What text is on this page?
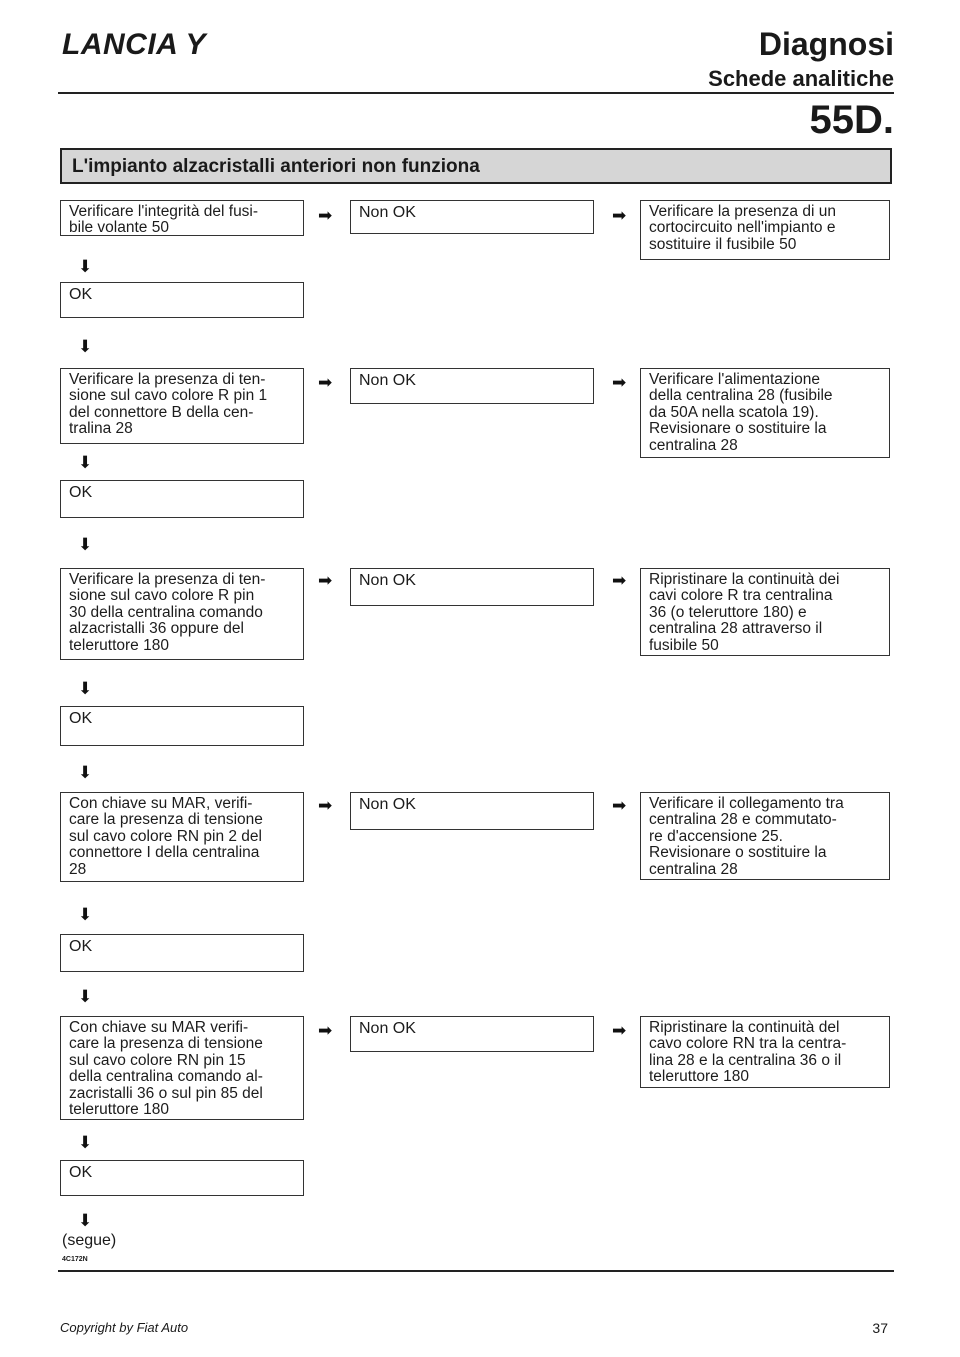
LANCIA Y	Diagnosi
Schede analitiche
55D.
L'impianto alzacristalli anteriori non funziona
Verificare l'integrità del fusi-
bile volante 50
➡	Non OK	➡	Verificare la presenza di un
cortocircuito nell'impianto e
sostituire il fusibile 50
⬇
OK
⬇
Verificare la presenza di ten-
sione sul cavo colore R pin 1
del connettore B della cen-
tralina 28
➡	Non OK	➡	Verificare l'alimentazione
della centralina 28 (fusibile
da 50A nella scatola 19).
Revisionare o sostituire la
centralina 28
⬇
OK
⬇
Verificare la presenza di ten-
sione sul cavo colore R pin
30 della centralina comando
alzacristalli 36 oppure del
teleruttore 180
➡	Non OK	➡	Ripristinare la continuità dei
cavi colore R tra centralina
36 (o teleruttore 180) e
centralina 28 attraverso il
fusibile 50
⬇
OK
⬇
Con chiave su MAR, verifi-
care la presenza di tensione
sul cavo colore RN pin 2 del
connettore I della centralina
28
➡	Non OK	➡	Verificare il collegamento tra
centralina 28 e commutato-
re d'accensione 25.
Revisionare o sostituire la
centralina 28
⬇
OK
⬇
Con chiave su MAR verifi-
care la presenza di tensione
sul cavo colore RN pin 15
della centralina comando al-
zacristalli 36 o sul pin 85 del
teleruttore 180
➡	Non OK	➡	Ripristinare la continuità del
cavo colore RN tra la centra-
lina 28 e la centralina 36 o il
teleruttore 180
⬇
OK
⬇
(segue)
4C172N
Copyright by Fiat Auto	37
